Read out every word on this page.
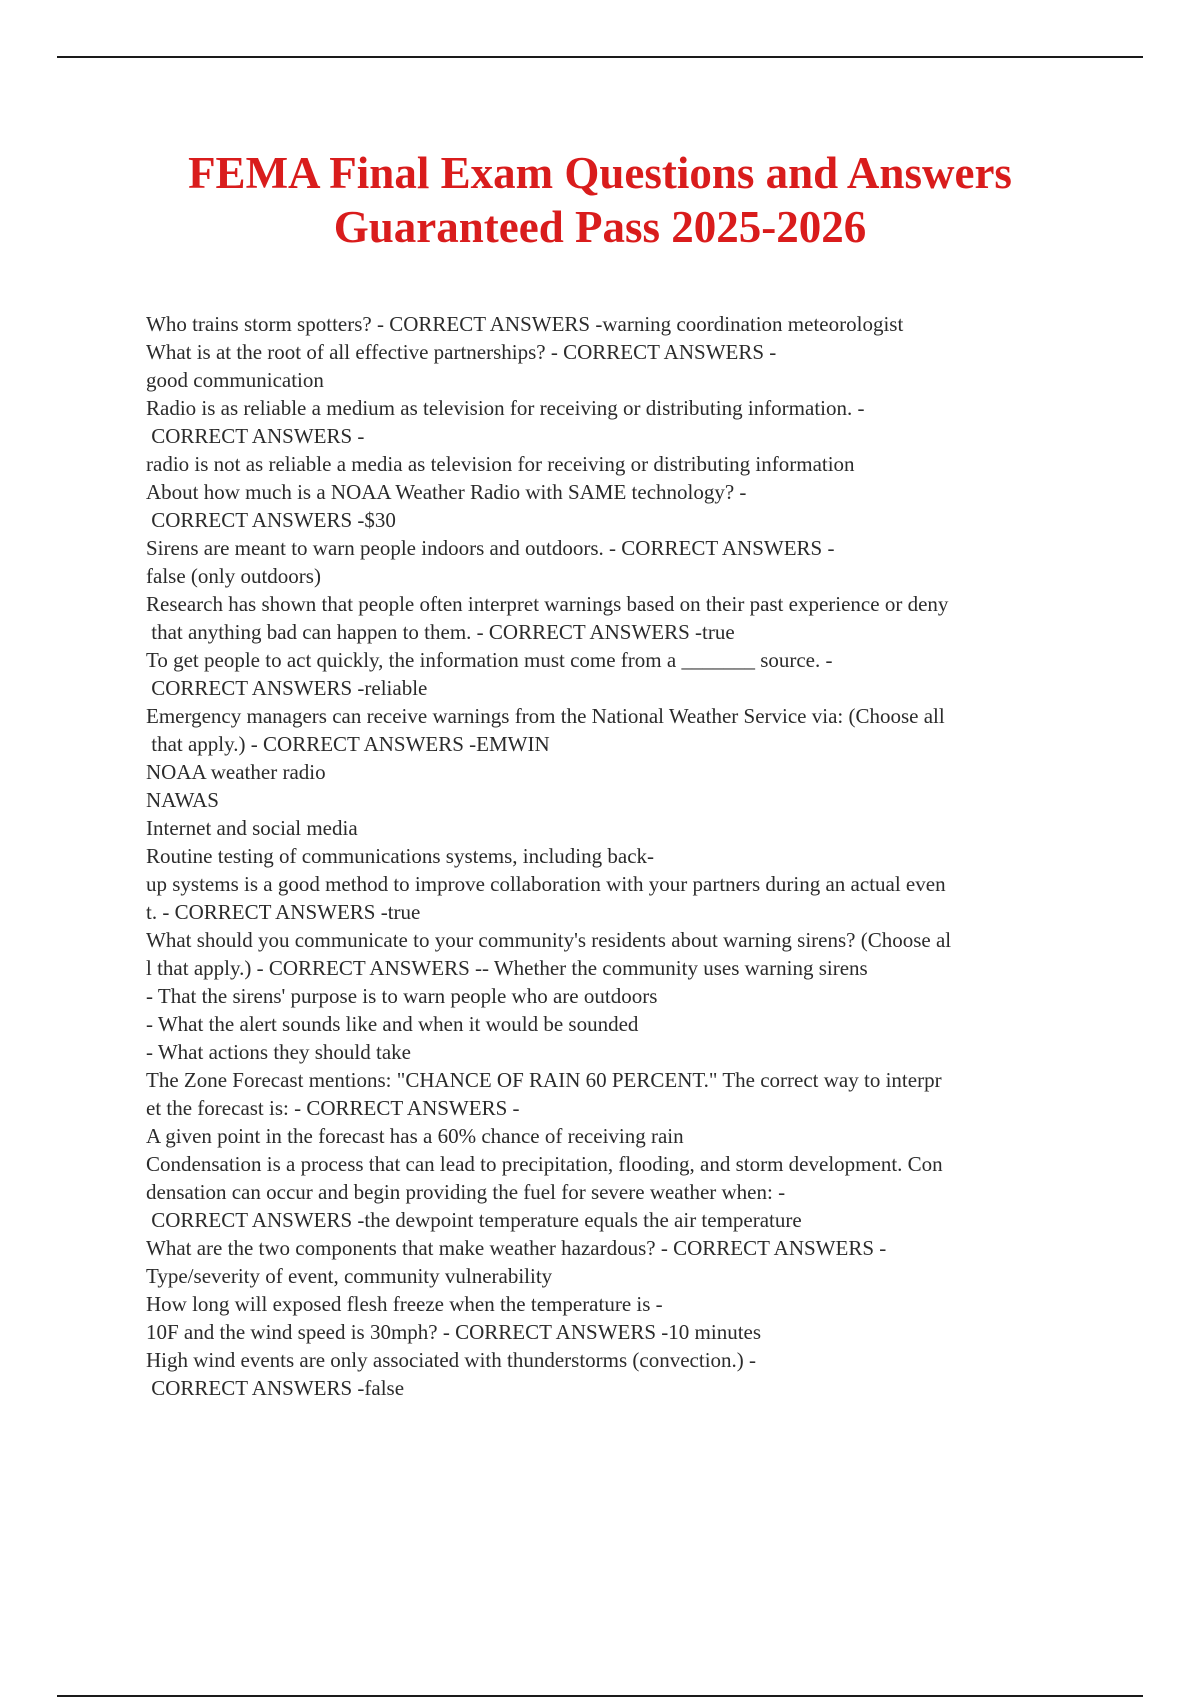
FEMA Final Exam Questions and Answers
Guaranteed Pass 2025-2026
Who trains storm spotters? - CORRECT ANSWERS -warning coordination meteorologist
What is at the root of all effective partnerships? - CORRECT ANSWERS -
good communication
Radio is as reliable a medium as television for receiving or distributing information. -
CORRECT ANSWERS -
radio is not as reliable a media as television for receiving or distributing information
About how much is a NOAA Weather Radio with SAME technology? -
CORRECT ANSWERS -$30
Sirens are meant to warn people indoors and outdoors. - CORRECT ANSWERS -
false (only outdoors)
Research has shown that people often interpret warnings based on their past experience or deny
that anything bad can happen to them. - CORRECT ANSWERS -true
To get people to act quickly, the information must come from a _______ source. -
CORRECT ANSWERS -reliable
Emergency managers can receive warnings from the National Weather Service via: (Choose all
that apply.) - CORRECT ANSWERS -EMWIN
NOAA weather radio
NAWAS
Internet and social media
Routine testing of communications systems, including back-
up systems is a good method to improve collaboration with your partners during an actual even
t. - CORRECT ANSWERS -true
What should you communicate to your community's residents about warning sirens? (Choose al
l that apply.) - CORRECT ANSWERS -- Whether the community uses warning sirens
- That the sirens' purpose is to warn people who are outdoors
- What the alert sounds like and when it would be sounded
- What actions they should take
The Zone Forecast mentions: "CHANCE OF RAIN 60 PERCENT." The correct way to interpr
et the forecast is: - CORRECT ANSWERS -
A given point in the forecast has a 60% chance of receiving rain
Condensation is a process that can lead to precipitation, flooding, and storm development. Con
densation can occur and begin providing the fuel for severe weather when: -
CORRECT ANSWERS -the dewpoint temperature equals the air temperature
What are the two components that make weather hazardous? - CORRECT ANSWERS -
Type/severity of event, community vulnerability
How long will exposed flesh freeze when the temperature is -
10F and the wind speed is 30mph? - CORRECT ANSWERS -10 minutes
High wind events are only associated with thunderstorms (convection.) -
CORRECT ANSWERS -false
